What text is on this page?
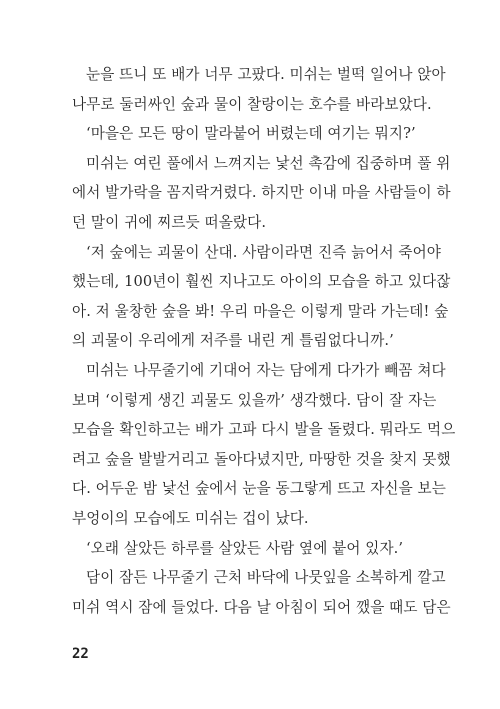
눈을 뜨니 또 배가 너무 고팠다. 미쉬는 벌떡 일어나 앉아
나무로 둘러싸인 숲과 물이 찰랑이는 호수를 바라보았다.
‘마을은 모든 땅이 말라붙어 버렸는데 여기는 뭐지?’
미쉬는 여린 풀에서 느껴지는 낯선 촉감에 집중하며 풀 위
에서 발가락을 꼼지락거렸다. 하지만 이내 마을 사람들이 하
던 말이 귀에 찌르듯 떠올랐다.
‘저 숲에는 괴물이 산대. 사람이라면 진즉 늙어서 죽어야
했는데, 100년이 훨씬 지나고도 아이의 모습을 하고 있다잖
아. 저 울창한 숲을 봐! 우리 마을은 이렇게 말라 가는데! 숲
의 괴물이 우리에게 저주를 내린 게 틀림없다니까.’
미쉬는 나무줄기에 기대어 자는 담에게 다가가 빼꼼 쳐다
보며 ‘이렇게 생긴 괴물도 있을까’ 생각했다. 담이 잘 자는
모습을 확인하고는 배가 고파 다시 발을 돌렸다. 뭐라도 먹으
려고 숲을 발발거리고 돌아다녔지만, 마땅한 것을 찾지 못했
다. 어두운 밤 낯선 숲에서 눈을 동그랗게 뜨고 자신을 보는
부엉이의 모습에도 미쉬는 겁이 났다.
‘오래 살았든 하루를 살았든 사람 옆에 붙어 있자.’
담이 잠든 나무줄기 근처 바닥에 나뭇잎을 소복하게 깔고
미쉬 역시 잠에 들었다. 다음 날 아침이 되어 깼을 때도 담은
22
